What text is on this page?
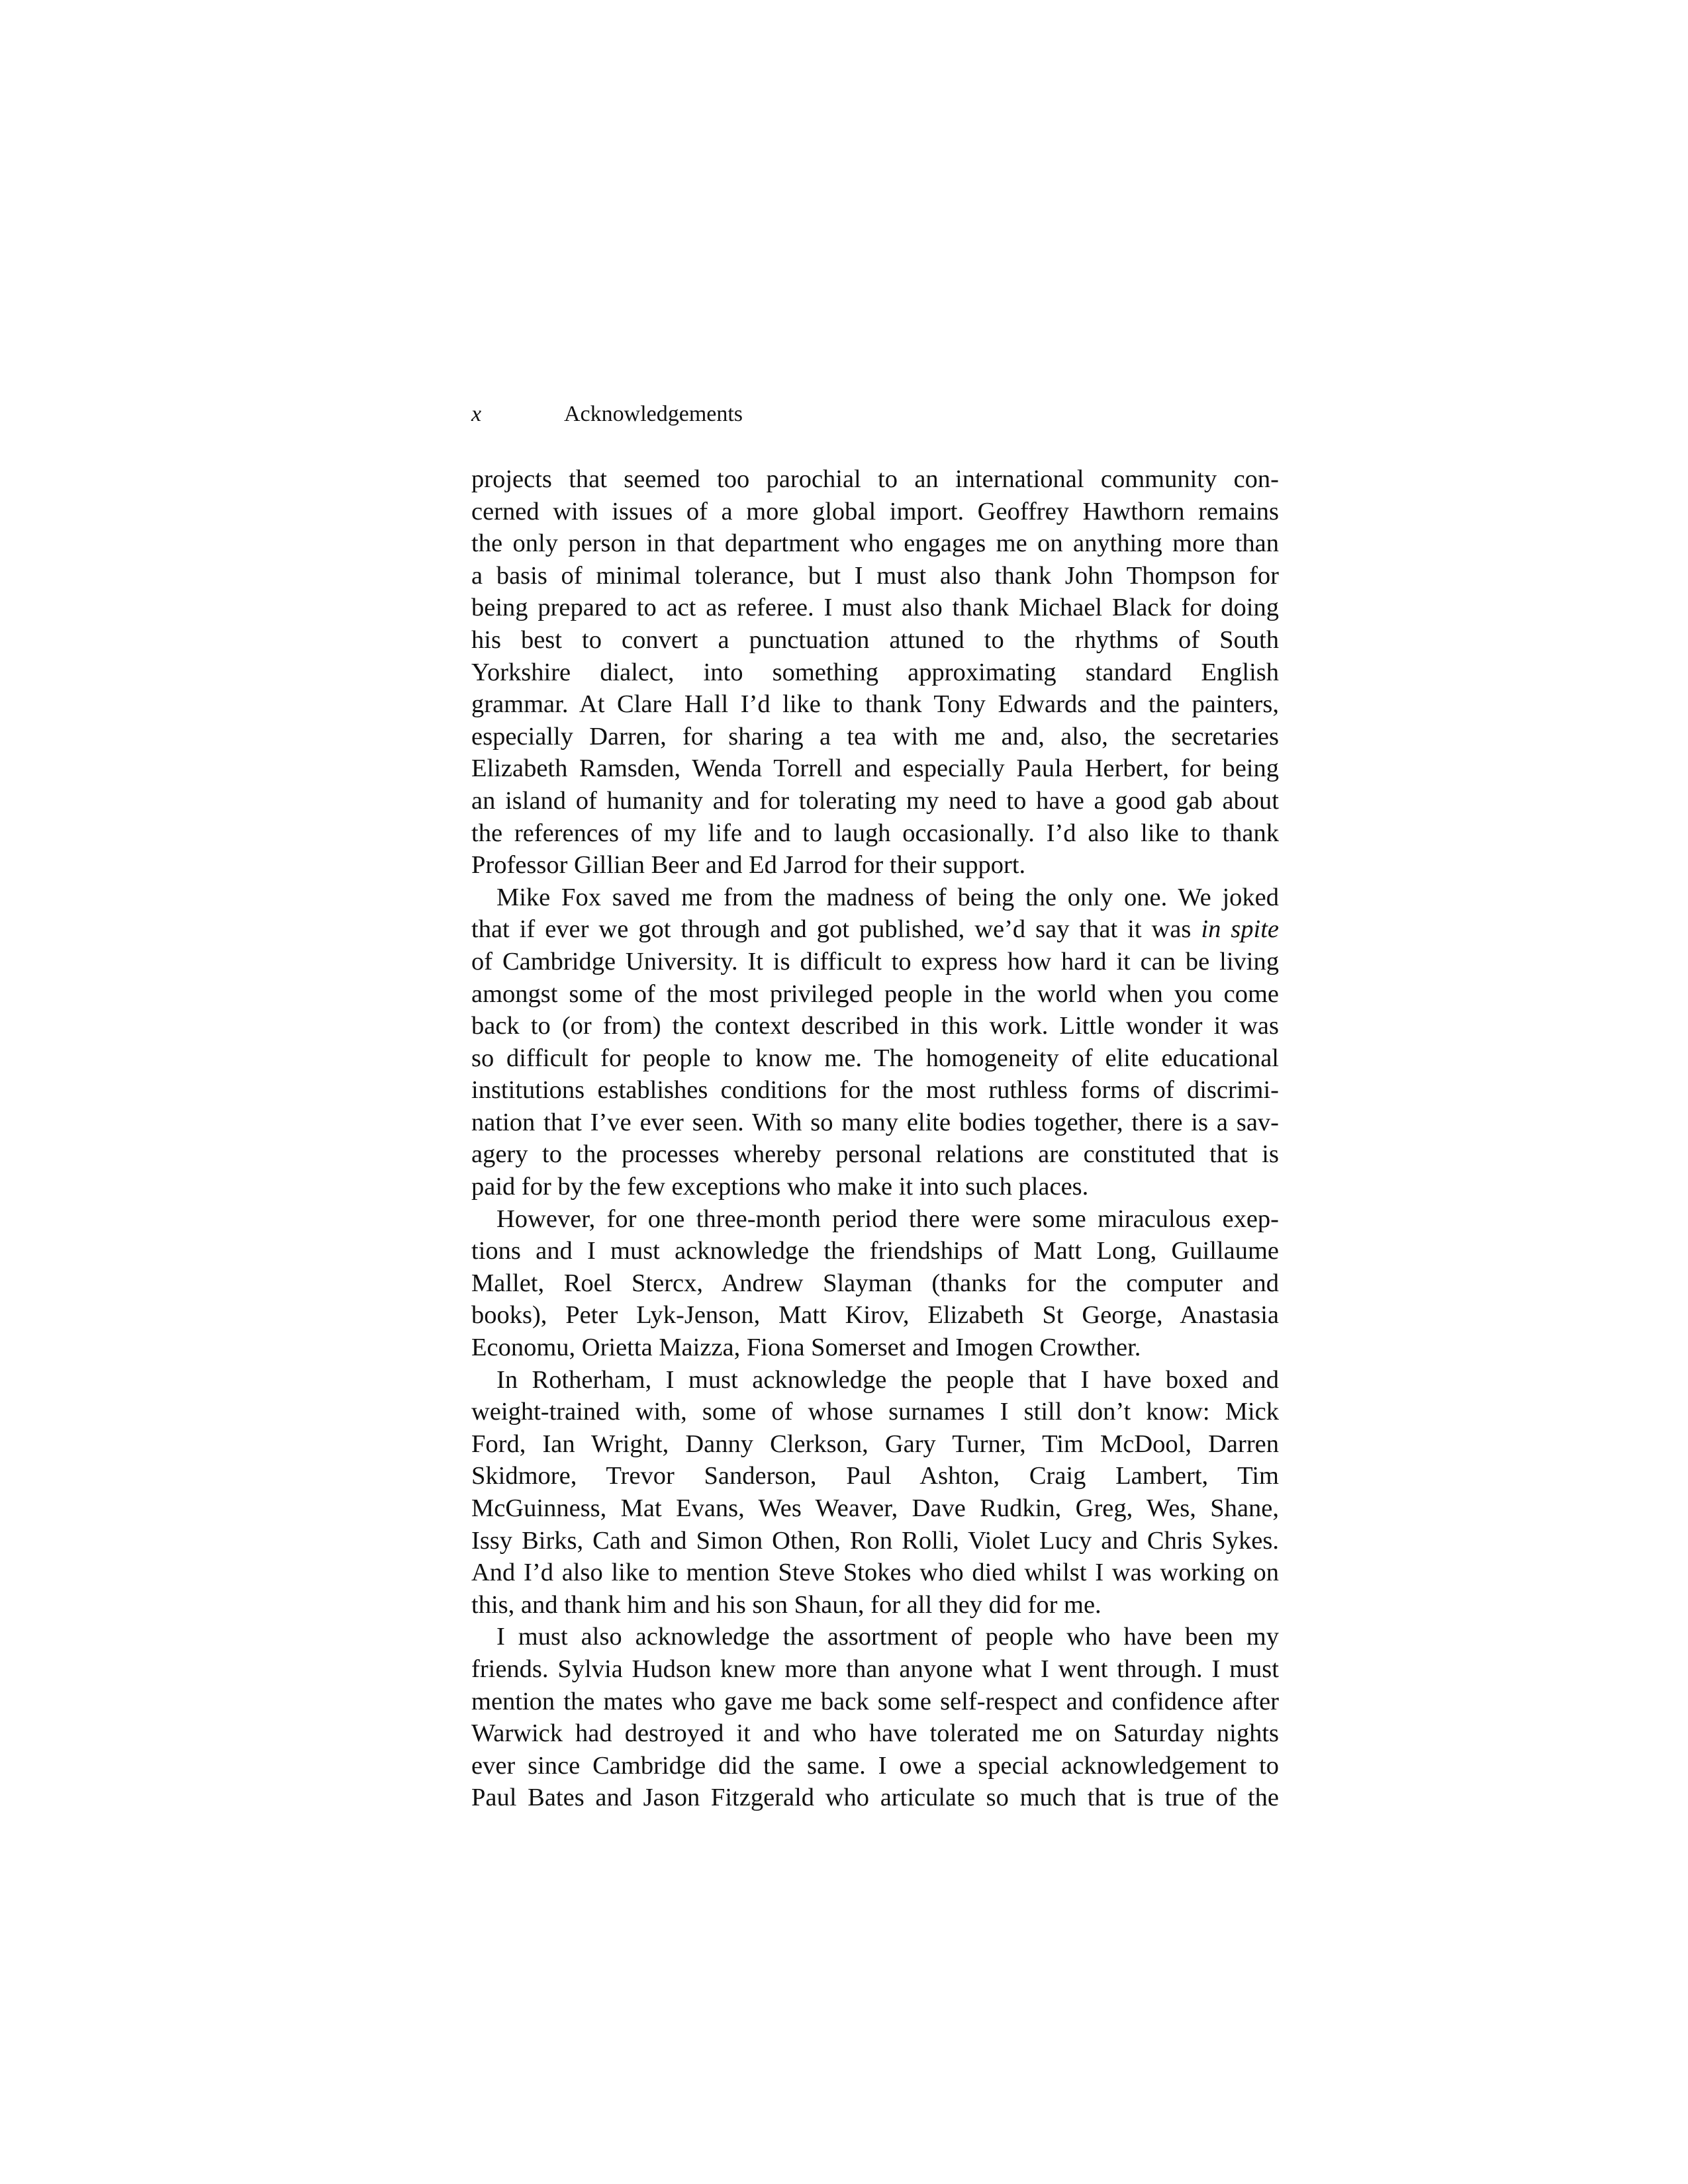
x	Acknowledgements
projects that seemed too parochial to an international community con-
cerned with issues of a more global import. Geoffrey Hawthorn remains
the only person in that department who engages me on anything more than
a basis of minimal tolerance, but I must also thank John Thompson for
being prepared to act as referee. I must also thank Michael Black for doing
his best to convert a punctuation attuned to the rhythms of South
Yorkshire dialect, into something approximating standard English
grammar. At Clare Hall I’d like to thank Tony Edwards and the painters,
especially Darren, for sharing a tea with me and, also, the secretaries
Elizabeth Ramsden, Wenda Torrell and especially Paula Herbert, for being
an island of humanity and for tolerating my need to have a good gab about
the references of my life and to laugh occasionally. I’d also like to thank
Professor Gillian Beer and Ed Jarrod for their support.
Mike Fox saved me from the madness of being the only one. We joked
that if ever we got through and got published, we’d say that it was in spite
of Cambridge University. It is difficult to express how hard it can be living
amongst some of the most privileged people in the world when you come
back to (or from) the context described in this work. Little wonder it was
so difficult for people to know me. The homogeneity of elite educational
institutions establishes conditions for the most ruthless forms of discrimi-
nation that I’ve ever seen. With so many elite bodies together, there is a sav-
agery to the processes whereby personal relations are constituted that is
paid for by the few exceptions who make it into such places.
However, for one three-month period there were some miraculous exep-
tions and I must acknowledge the friendships of Matt Long, Guillaume
Mallet, Roel Stercx, Andrew Slayman (thanks for the computer and
books), Peter Lyk-Jenson, Matt Kirov, Elizabeth St George, Anastasia
Economu, Orietta Maizza, Fiona Somerset and Imogen Crowther.
In Rotherham, I must acknowledge the people that I have boxed and
weight-trained with, some of whose surnames I still don’t know: Mick
Ford, Ian Wright, Danny Clerkson, Gary Turner, Tim McDool, Darren
Skidmore, Trevor Sanderson, Paul Ashton, Craig Lambert, Tim
McGuinness, Mat Evans, Wes Weaver, Dave Rudkin, Greg, Wes, Shane,
Issy Birks, Cath and Simon Othen, Ron Rolli, Violet Lucy and Chris Sykes.
And I’d also like to mention Steve Stokes who died whilst I was working on
this, and thank him and his son Shaun, for all they did for me.
I must also acknowledge the assortment of people who have been my
friends. Sylvia Hudson knew more than anyone what I went through. I must
mention the mates who gave me back some self-respect and confidence after
Warwick had destroyed it and who have tolerated me on Saturday nights
ever since Cambridge did the same. I owe a special acknowledgement to
Paul Bates and Jason Fitzgerald who articulate so much that is true of the
